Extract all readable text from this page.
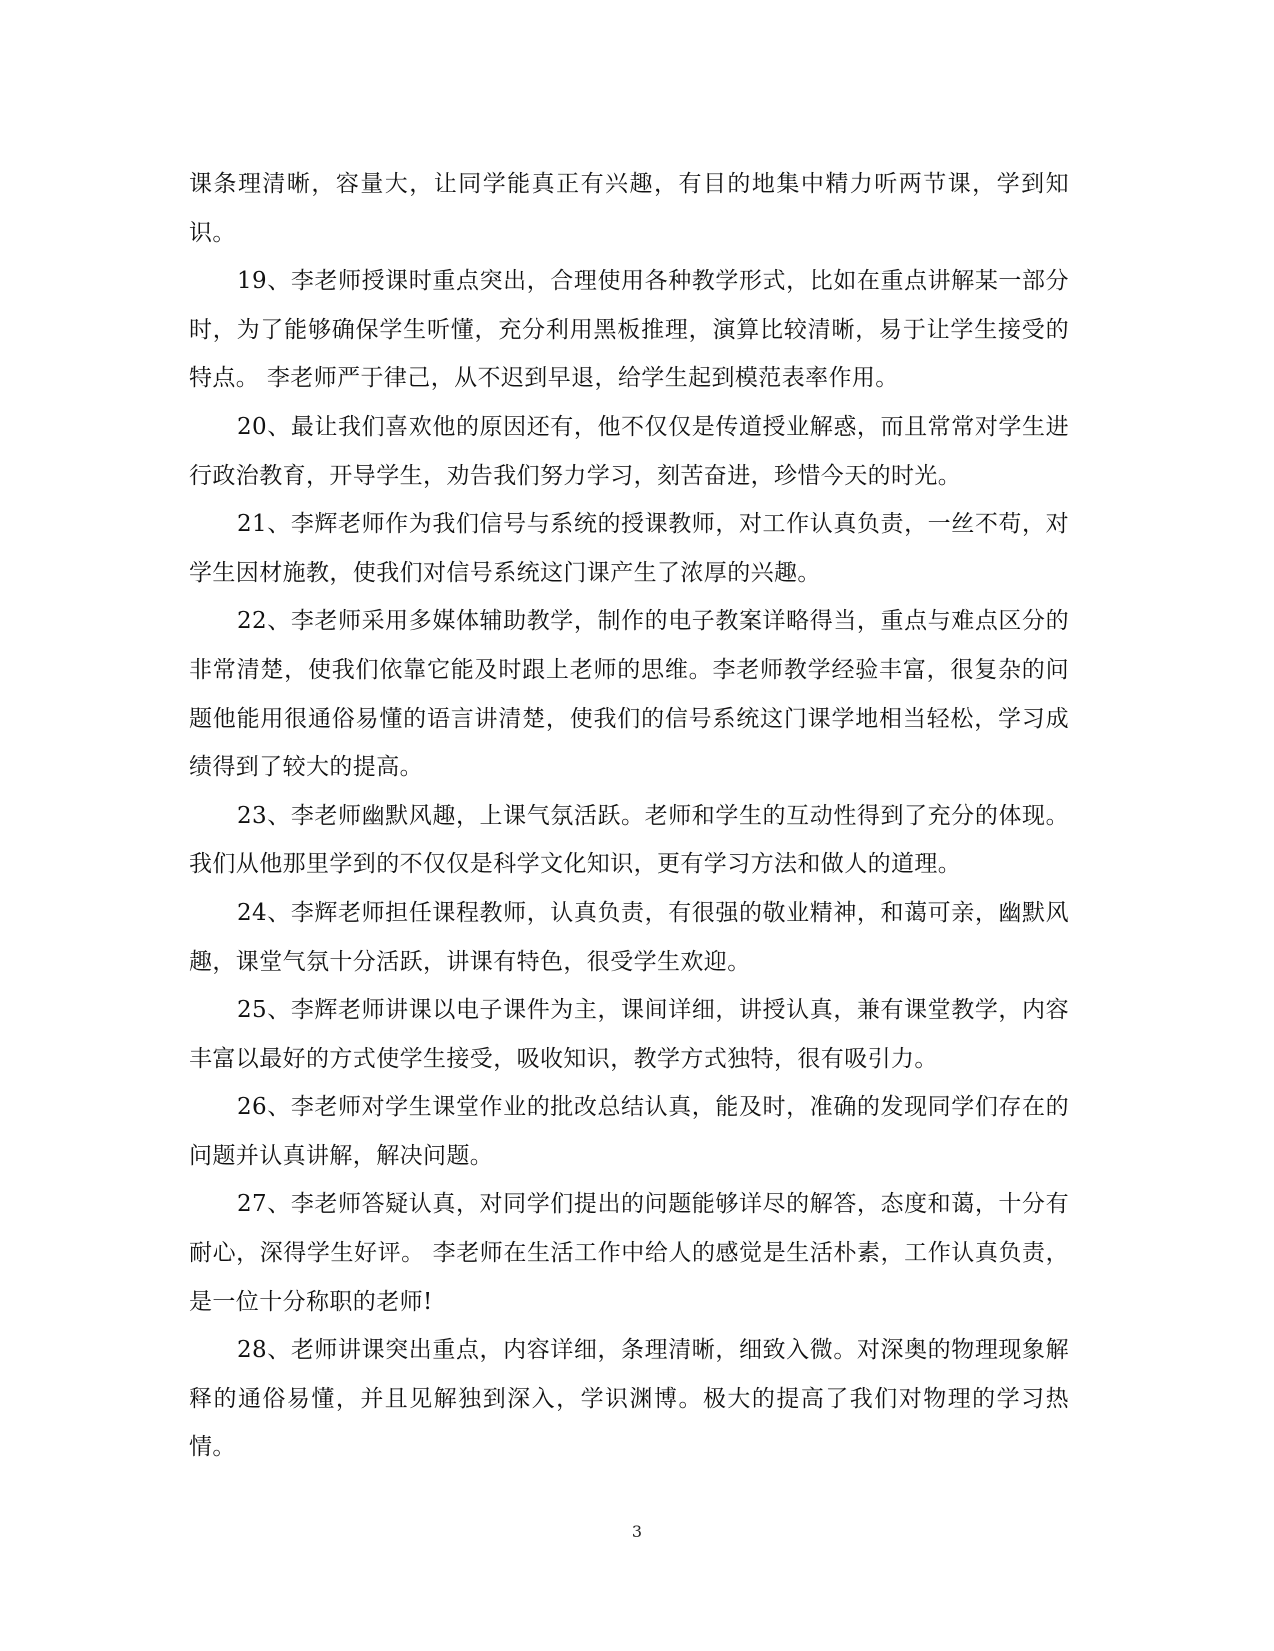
课条理清晰，容量大，让同学能真正有兴趣，有目的地集中精力听两节课，学到知识。

19、李老师授课时重点突出，合理使用各种教学形式，比如在重点讲解某一部分时，为了能够确保学生听懂，充分利用黑板推理，演算比较清晰，易于让学生接受的特点。 李老师严于律己，从不迟到早退，给学生起到模范表率作用。

20、最让我们喜欢他的原因还有，他不仅仅是传道授业解惑，而且常常对学生进行政治教育，开导学生，劝告我们努力学习，刻苦奋进，珍惜今天的时光。

21、李辉老师作为我们信号与系统的授课教师，对工作认真负责，一丝不苟，对学生因材施教，使我们对信号系统这门课产生了浓厚的兴趣。

22、李老师采用多媒体辅助教学，制作的电子教案详略得当，重点与难点区分的非常清楚，使我们依靠它能及时跟上老师的思维。李老师教学经验丰富，很复杂的问题他能用很通俗易懂的语言讲清楚，使我们的信号系统这门课学地相当轻松，学习成绩得到了较大的提高。

23、李老师幽默风趣，上课气氛活跃。老师和学生的互动性得到了充分的体现。我们从他那里学到的不仅仅是科学文化知识，更有学习方法和做人的道理。

24、李辉老师担任课程教师，认真负责，有很强的敬业精神，和蔼可亲，幽默风趣，课堂气氛十分活跃，讲课有特色，很受学生欢迎。

25、李辉老师讲课以电子课件为主，课间详细，讲授认真，兼有课堂教学，内容丰富以最好的方式使学生接受，吸收知识，教学方式独特，很有吸引力。

26、李老师对学生课堂作业的批改总结认真，能及时，准确的发现同学们存在的问题并认真讲解，解决问题。

27、李老师答疑认真，对同学们提出的问题能够详尽的解答，态度和蔼，十分有耐心，深得学生好评。 李老师在生活工作中给人的感觉是生活朴素，工作认真负责，是一位十分称职的老师!

28、老师讲课突出重点，内容详细，条理清晰，细致入微。对深奥的物理现象解释的通俗易懂，并且见解独到深入，学识渊博。极大的提高了我们对物理的学习热情。

3
